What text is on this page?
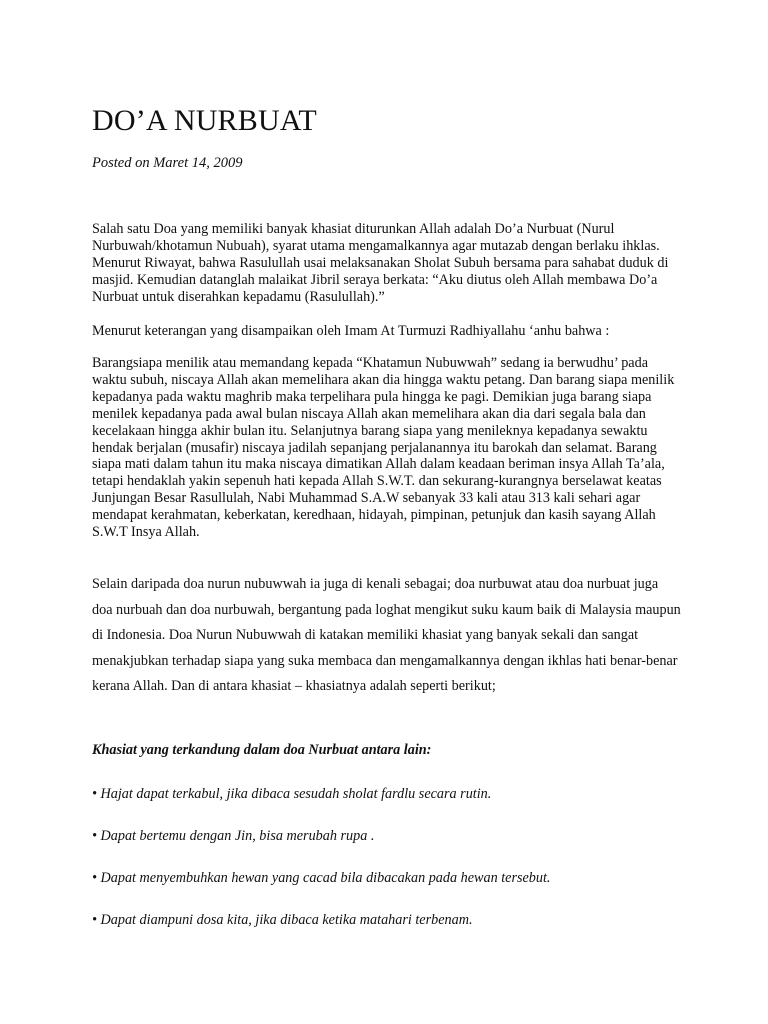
DO’A NURBUAT
Posted on Maret 14, 2009

Salah satu Doa yang memiliki banyak khasiat diturunkan Allah adalah Do’a Nurbuat (Nurul Nurbuwah/khotamun Nubuah), syarat utama mengamalkannya agar mutazab dengan berlaku ihklas. Menurut Riwayat, bahwa Rasulullah usai melaksanakan Sholat Subuh bersama para sahabat duduk di masjid. Kemudian datanglah malaikat Jibril seraya berkata: “Aku diutus oleh Allah membawa Do’a Nurbuat untuk diserahkan kepadamu (Rasulullah).”

Menurut keterangan yang disampaikan oleh Imam At Turmuzi Radhiyallahu ‘anhu bahwa :

Barangsiapa menilik atau memandang kepada “Khatamun Nubuwwah” sedang ia berwudhu’ pada waktu subuh, niscaya Allah akan memelihara akan dia hingga waktu petang. Dan barang siapa menilik kepadanya pada waktu maghrib maka terpelihara pula hingga ke pagi. Demikian juga barang siapa menilek kepadanya pada awal bulan niscaya Allah akan memelihara akan dia dari segala bala dan kecelakaan hingga akhir bulan itu. Selanjutnya barang siapa yang menileknya kepadanya sewaktu hendak berjalan (musafir) niscaya jadilah sepanjang perjalanannya itu barokah dan selamat. Barang siapa mati dalam tahun itu maka niscaya dimatikan Allah dalam keadaan beriman insya Allah Ta’ala, tetapi hendaklah yakin sepenuh hati kepada Allah S.W.T. dan sekurang-kurangnya berselawat keatas Junjungan Besar Rasullulah, Nabi Muhammad S.A.W sebanyak 33 kali atau 313 kali sehari agar mendapat kerahmatan, keberkatan, keredhaan, hidayah, pimpinan, petunjuk dan kasih sayang Allah S.W.T Insya Allah.

Selain daripada doa nurun nubuwwah ia juga di kenali sebagai; doa nurbuwat atau doa nurbuat juga doa nurbuah dan doa nurbuwah, bergantung pada loghat mengikut suku kaum baik di Malaysia maupun di Indonesia. Doa Nurun Nubuwwah di katakan memiliki khasiat yang banyak sekali dan sangat menakjubkan terhadap siapa yang suka membaca dan mengamalkannya dengan ikhlas hati benar-benar kerana Allah. Dan di antara khasiat – khasiatnya adalah seperti berikut;

Khasiat yang terkandung dalam doa Nurbuat antara lain:
• Hajat dapat terkabul, jika dibaca sesudah sholat fardlu secara rutin.
• Dapat bertemu dengan Jin, bisa merubah rupa .
• Dapat menyembuhkan hewan yang cacad bila dibacakan pada hewan tersebut.
• Dapat diampuni dosa kita, jika dibaca ketika matahari terbenam.
